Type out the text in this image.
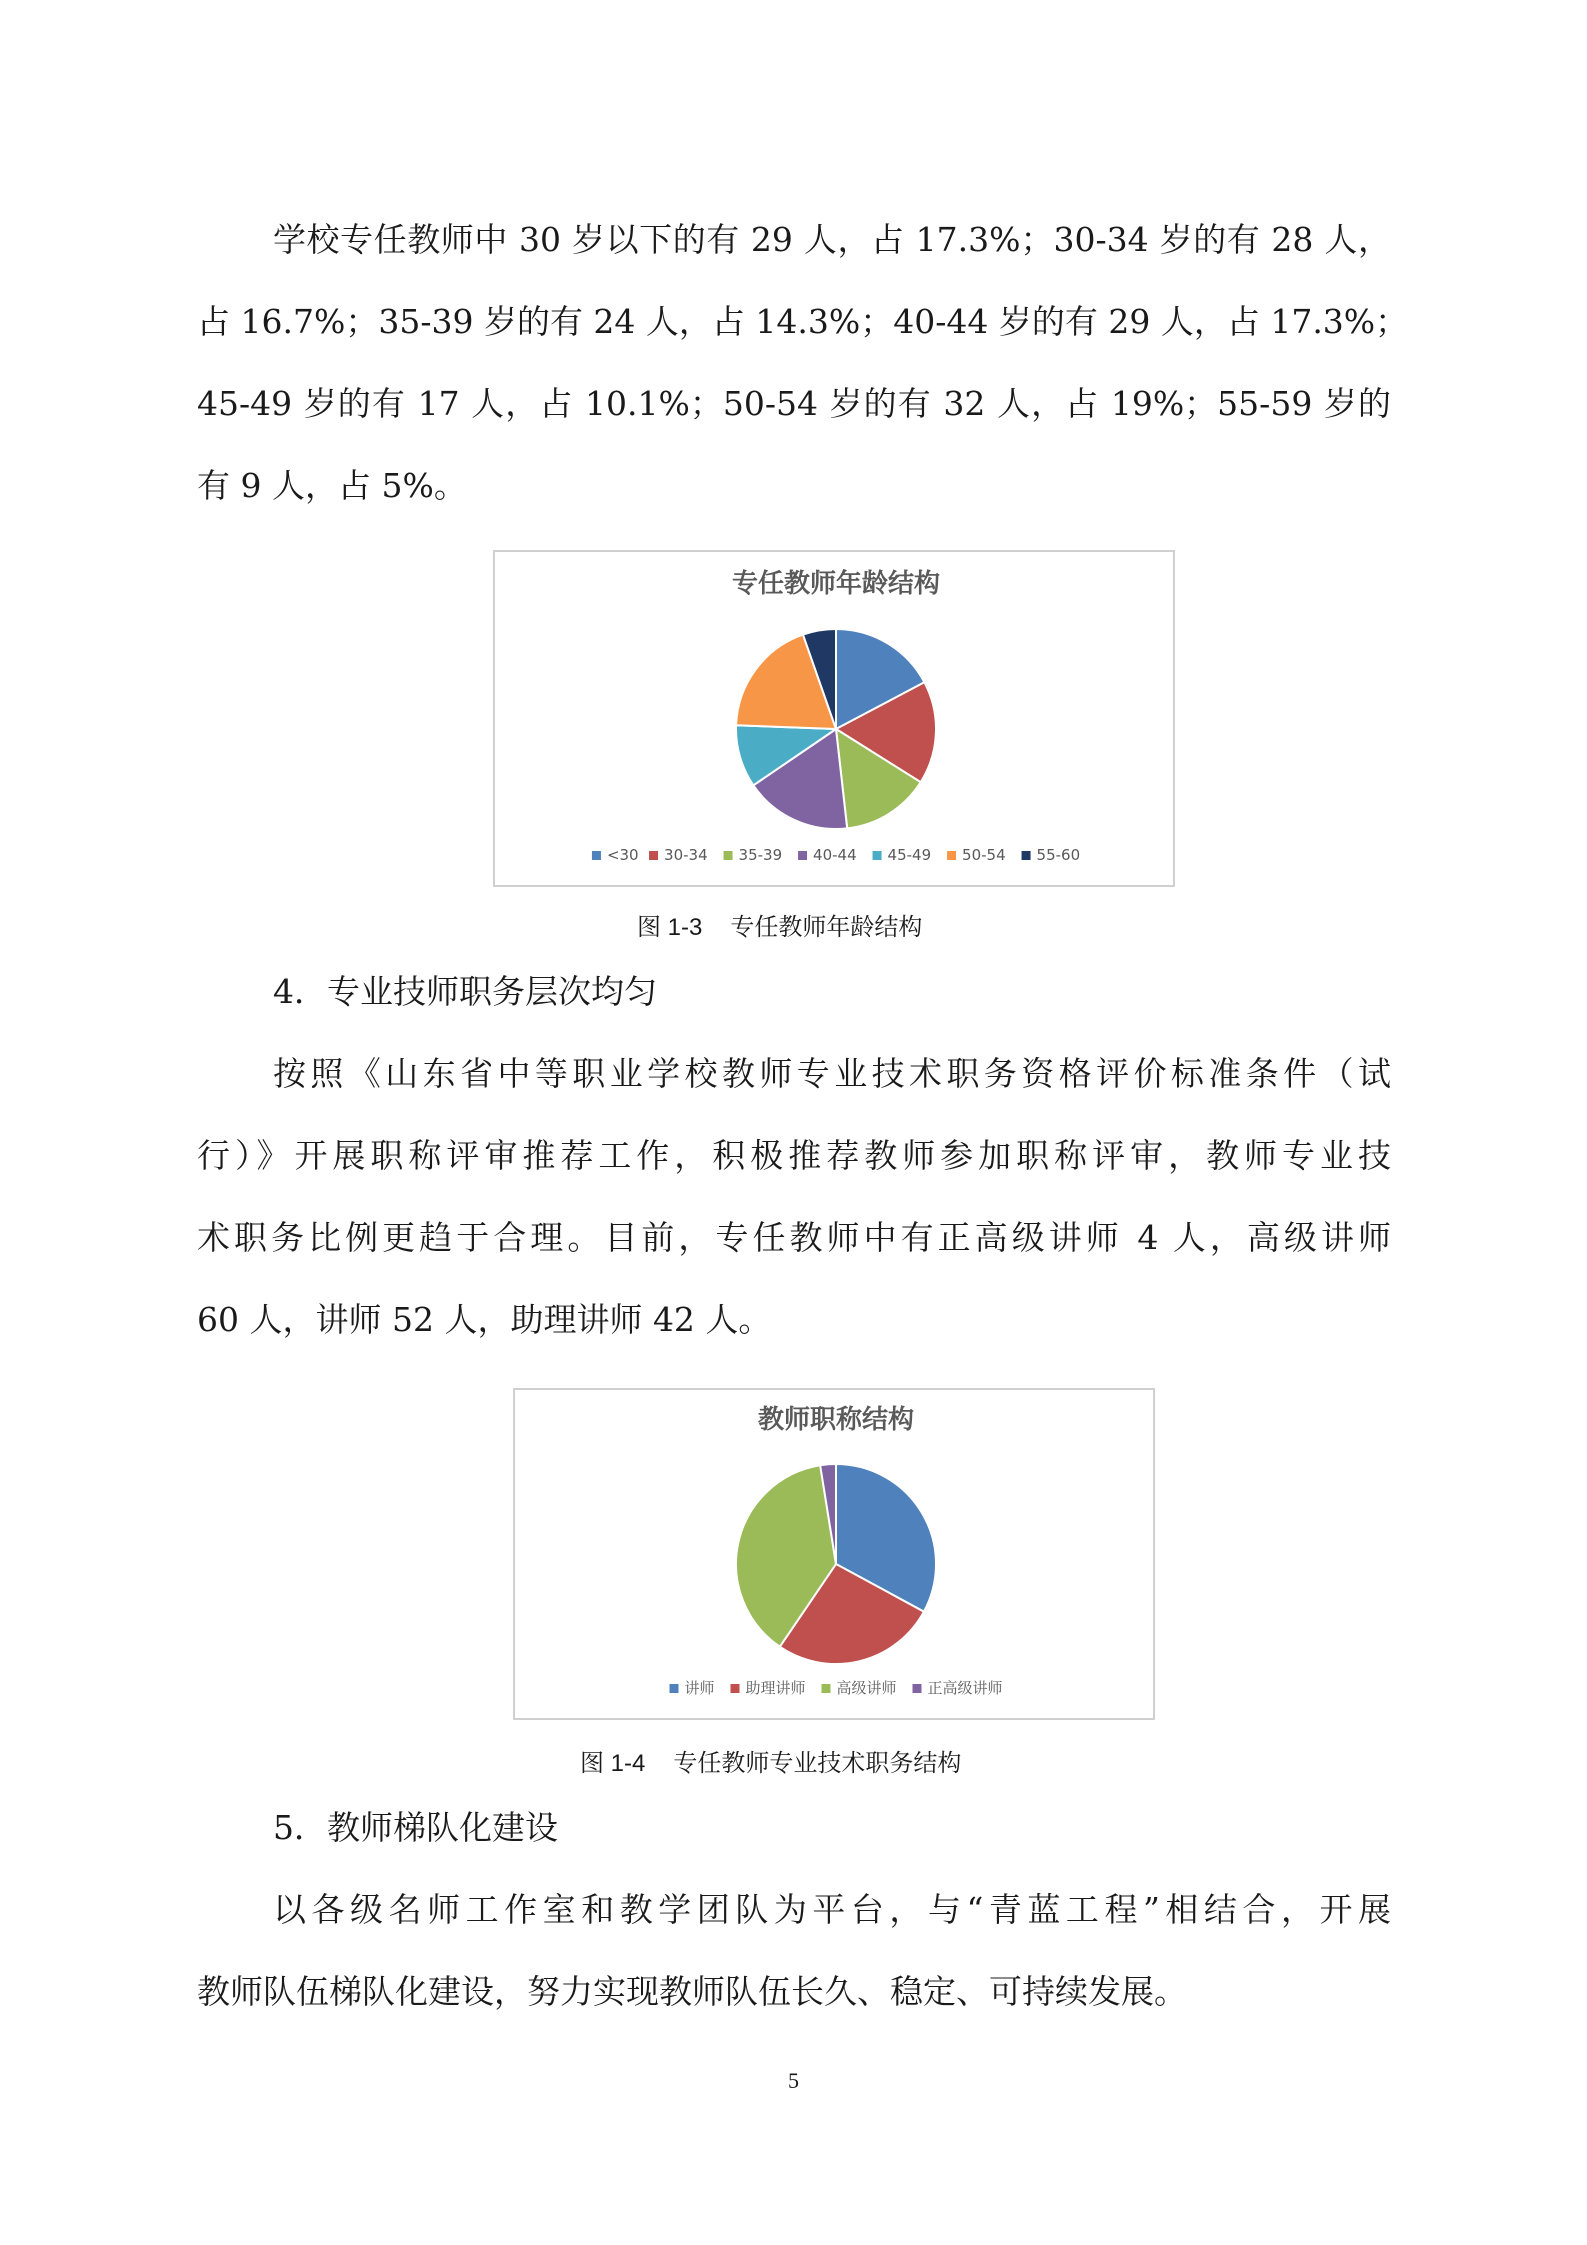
学校专任教师中 30 岁以下的有 29 人，占 17.3%；30-34 岁的有 28 人，
占 16.7%；35-39 岁的有 24 人，占 14.3%；40-44 岁的有 29 人，占 17.3%；
45-49 岁的有 17 人，占 10.1%；50-54 岁的有 32 人，占 19%；55-59 岁的
有 9 人，占 5%。
专任教师年龄结构
<30 30-34 35-39 40-44 45-49 50-54 55-60
图 1-3 专任教师年龄结构
4．专业技师职务层次均匀
按照《山东省中等职业学校教师专业技术职务资格评价标准条件（试
行）》开展职称评审推荐工作，积极推荐教师参加职称评审，教师专业技
术职务比例更趋于合理。目前，专任教师中有正高级讲师 4 人，高级讲师
60 人，讲师 52 人，助理讲师 42 人。
教师职称结构
讲师 助理讲师 高级讲师 正高级讲师
图 1-4 专任教师专业技术职务结构
5．教师梯队化建设
以各级名师工作室和教学团队为平台，与“青蓝工程”相结合，开展
教师队伍梯队化建设，努力实现教师队伍长久、稳定、可持续发展。
5
